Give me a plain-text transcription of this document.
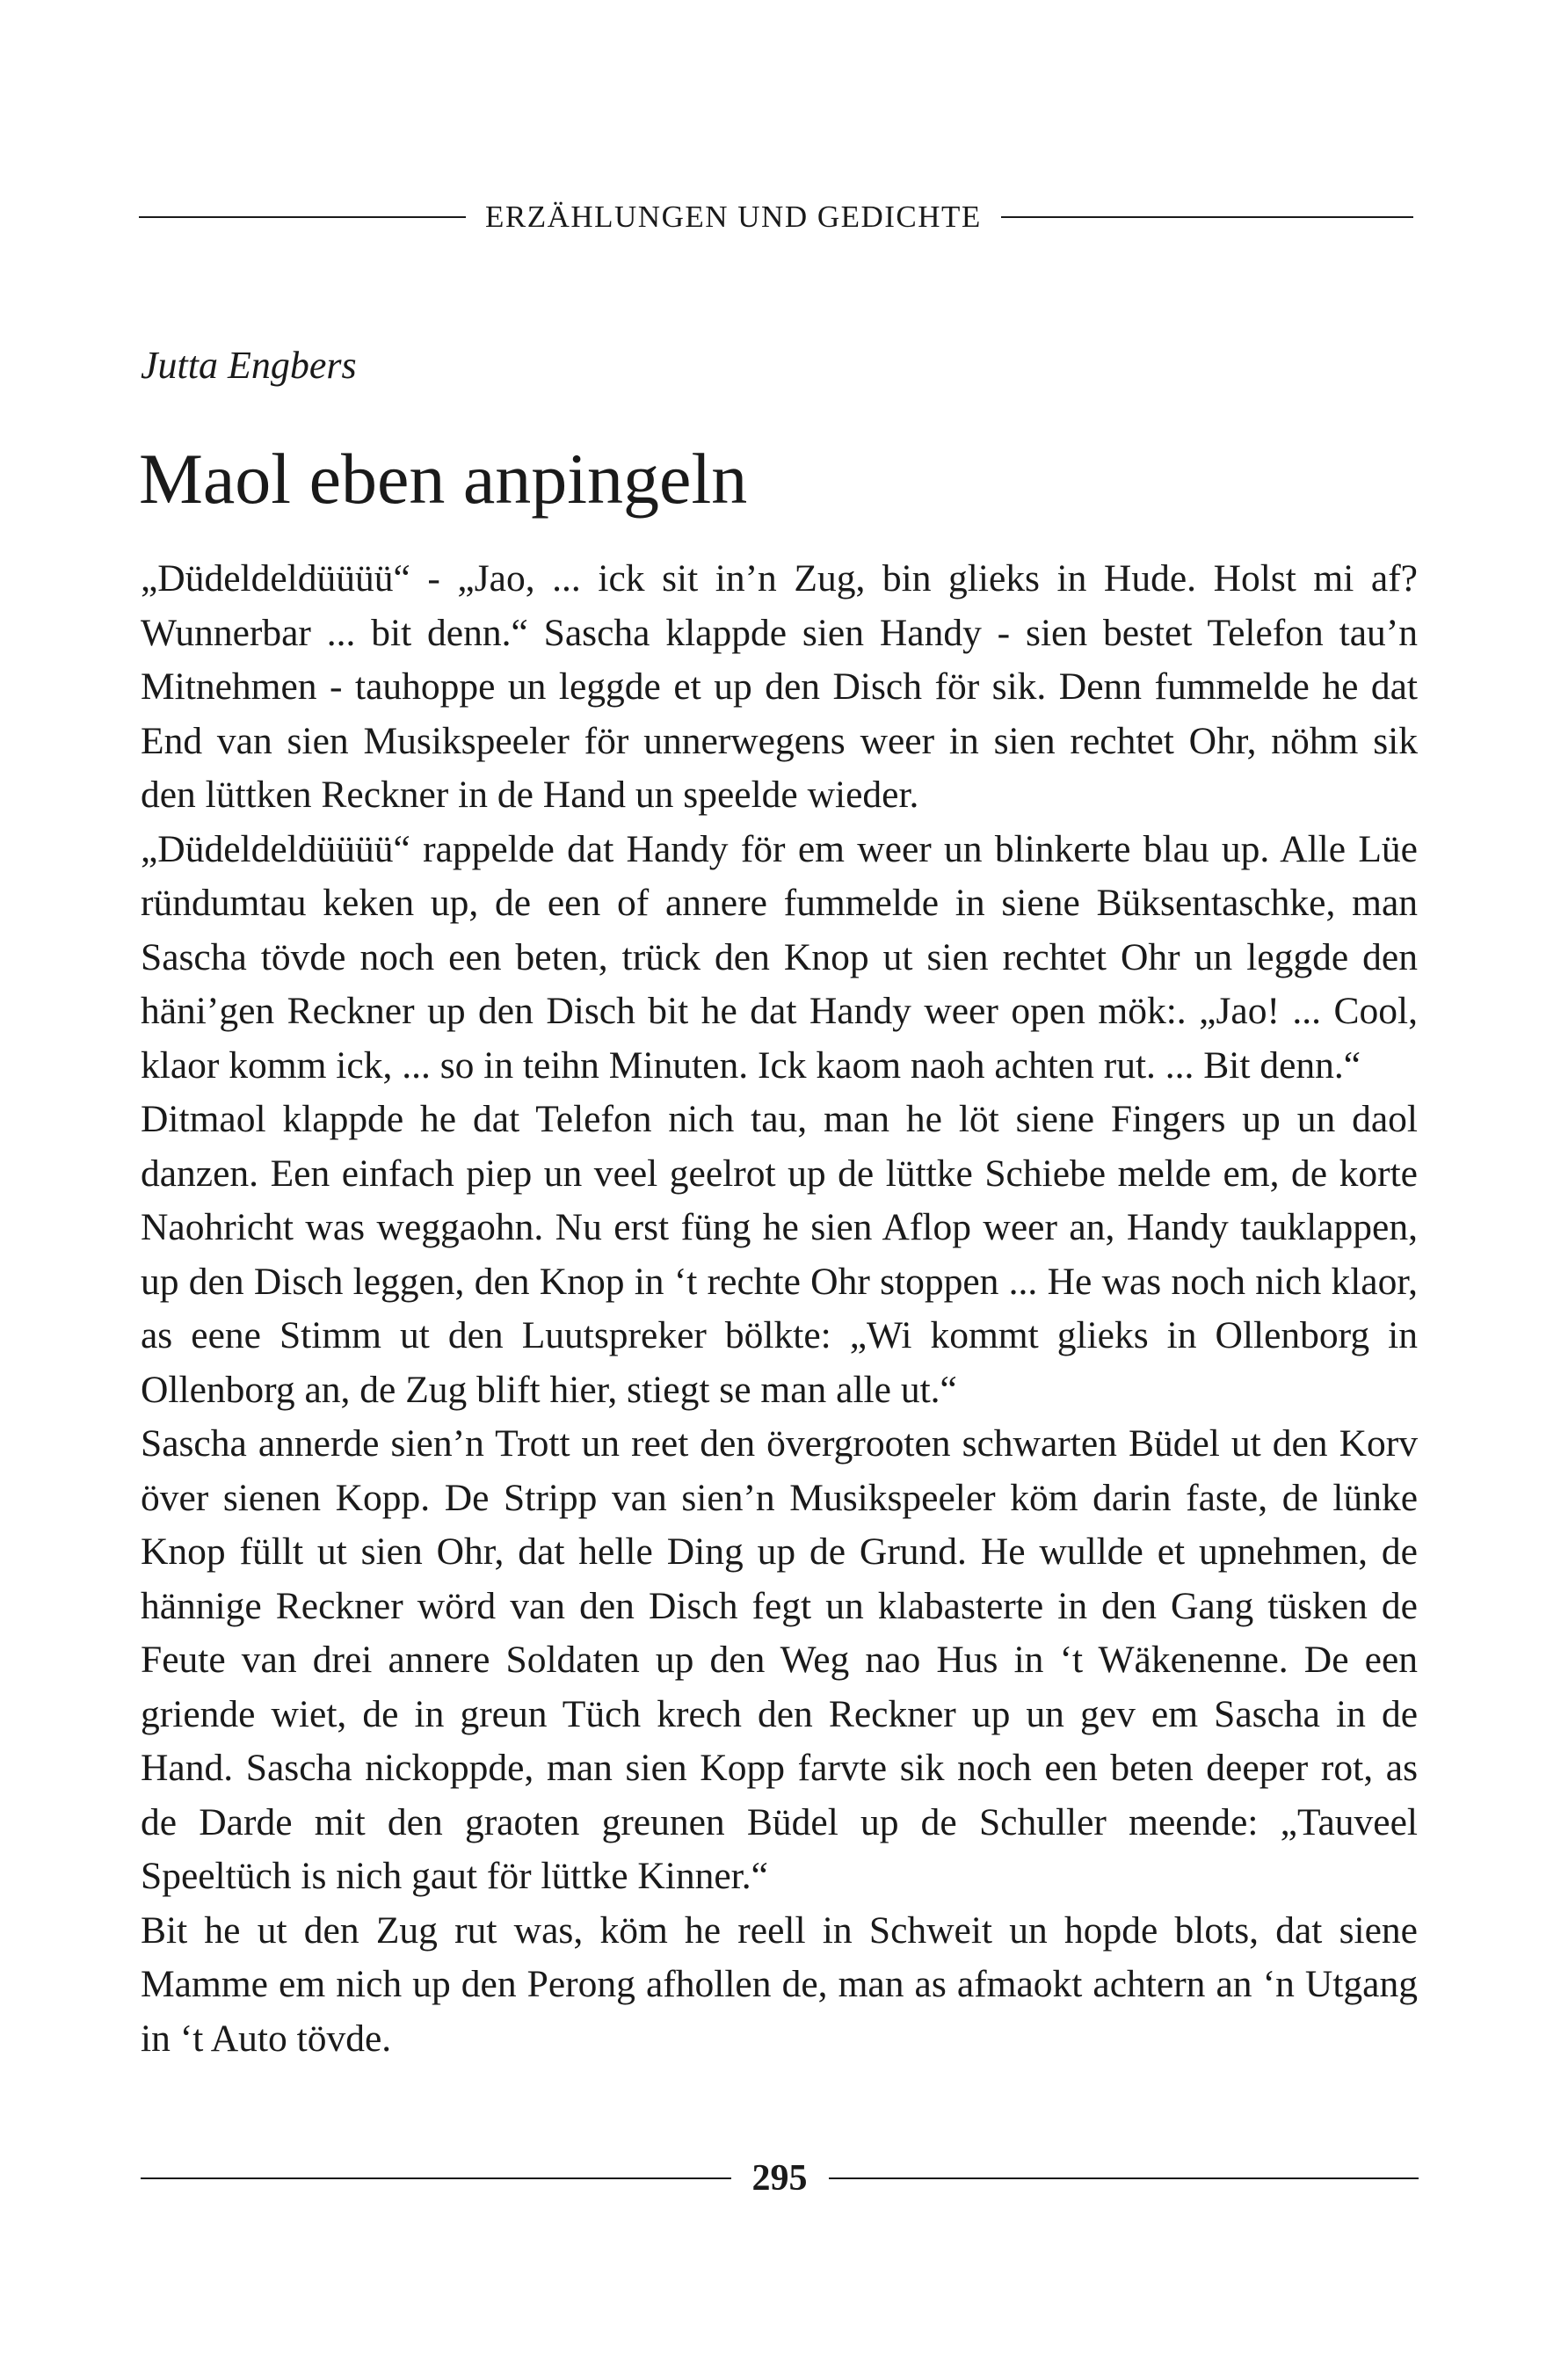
ERZÄHLUNGEN UND GEDICHTE
Jutta Engbers
Maol eben anpingeln

„Düdeldeldüüüü“ - „Jao, ... ick sit in’n Zug, bin glieks in Hude. Holst mi af? Wunnerbar ... bit denn.“ Sascha klappde sien Handy - sien bestet Telefon tau’n Mitnehmen - tauhoppe un leggde et up den Disch för sik. Denn fummelde he dat End van sien Musikspeeler för unnerwegens weer in sien rechtet Ohr, nöhm sik den lüttken Reckner in de Hand un speelde wieder.

„Düdeldeldüüüü“ rappelde dat Handy för em weer un blinkerte blau up. Alle Lüe ründumtau keken up, de een of annere fummelde in siene Büksentaschke, man Sascha tövde noch een beten, trück den Knop ut sien rechtet Ohr un leggde den häni’gen Reckner up den Disch bit he dat Handy weer open mök:. „Jao! ... Cool, klaor komm ick, ... so in teihn Minuten. Ick kaom naoh achten rut. ... Bit denn.“

Ditmaol klappde he dat Telefon nich tau, man he löt siene Fingers up un daol danzen. Een einfach piep un veel geelrot up de lüttke Schiebe melde em, de korte Naohricht was weggaohn. Nu erst füng he sien Aflop weer an, Handy tauklappen, up den Disch leggen, den Knop in ‘t rechte Ohr stoppen ... He was noch nich klaor, as eene Stimm ut den Luutspreker bölkte: „Wi kommt glieks in Ollenborg in Ollenborg an, de Zug blift hier, stiegt se man alle ut.“

Sascha annerde sien’n Trott un reet den övergrooten schwarten Büdel ut den Korv över sienen Kopp. De Stripp van sien’n Musikspeeler köm darin faste, de lünke Knop füllt ut sien Ohr, dat helle Ding up de Grund. He wullde et upnehmen, de hännige Reckner wörd van den Disch fegt un klabasterte in den Gang tüsken de Feute van drei annere Soldaten up den Weg nao Hus in ‘t Wäkenenne. De een griende wiet, de in greun Tüch krech den Reckner up un gev em Sascha in de Hand. Sascha nickoppde, man sien Kopp farvte sik noch een beten deeper rot, as de Darde mit den graoten greunen Büdel up de Schuller meende: „Tauveel Speeltüch is nich gaut för lüttke Kinner.“

Bit he ut den Zug rut was, köm he reell in Schweit un hopde blots, dat siene Mamme em nich up den Perong afhollen de, man as afmaokt achtern an ‘n Utgang in ‘t Auto tövde.

295
